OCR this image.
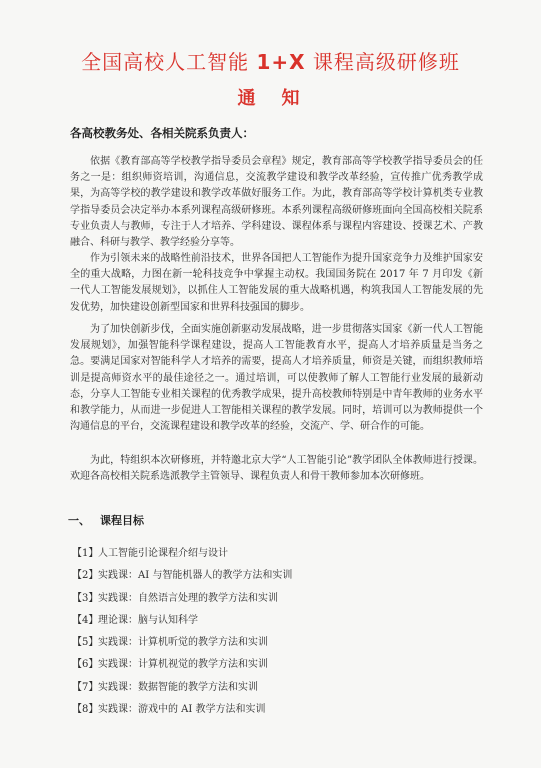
全国高校人工智能 1+X 课程高级研修班
通知
各高校教务处、各相关院系负责人：
依据《教育部高等学校教学指导委员会章程》规定，教育部高等学校教学指导委员会的任务之一是：组织师资培训，沟通信息，交流教学建设和教学改革经验，宣传推广优秀教学成果，为高等学校的教学建设和教学改革做好服务工作。为此，教育部高等学校计算机类专业教学指导委员会决定举办本系列课程高级研修班。本系列课程高级研修班面向全国高校相关院系专业负责人与教师，专注于人才培养、学科建设、课程体系与课程内容建设、授课艺术、产教融合、科研与教学、教学经验分享等。
作为引领未来的战略性前沿技术，世界各国把人工智能作为提升国家竞争力及维护国家安全的重大战略，力图在新一轮科技竞争中掌握主动权。我国国务院在 2017 年 7 月印发《新一代人工智能发展规划》，以抓住人工智能发展的重大战略机遇，构筑我国人工智能发展的先发优势，加快建设创新型国家和世界科技强国的脚步。
为了加快创新步伐，全面实施创新驱动发展战略，进一步贯彻落实国家《新一代人工智能发展规划》，加强智能科学课程建设，提高人工智能教育水平，提高人才培养质量是当务之急。要满足国家对智能科学人才培养的需要，提高人才培养质量，师资是关键，而组织教师培训是提高师资水平的最佳途径之一。通过培训，可以使教师了解人工智能行业发展的最新动态，分享人工智能专业相关课程的优秀教学成果，提升高校教师特别是中青年教师的业务水平和教学能力，从而进一步促进人工智能相关课程的教学发展。同时，培训可以为教师提供一个沟通信息的平台，交流课程建设和教学改革的经验，交流产、学、研合作的可能。
为此，特组织本次研修班，并特邀北京大学“人工智能引论”教学团队全体教师进行授课。欢迎各高校相关院系选派教学主管领导、课程负责人和骨干教师参加本次研修班。
一、 课程目标
【1】人工智能引论课程介绍与设计
【2】实践课：AI 与智能机器人的教学方法和实训
【3】实践课：自然语言处理的教学方法和实训
【4】理论课：脑与认知科学
【5】实践课：计算机听觉的教学方法和实训
【6】实践课：计算机视觉的教学方法和实训
【7】实践课：数据智能的教学方法和实训
【8】实践课：游戏中的 AI 教学方法和实训
